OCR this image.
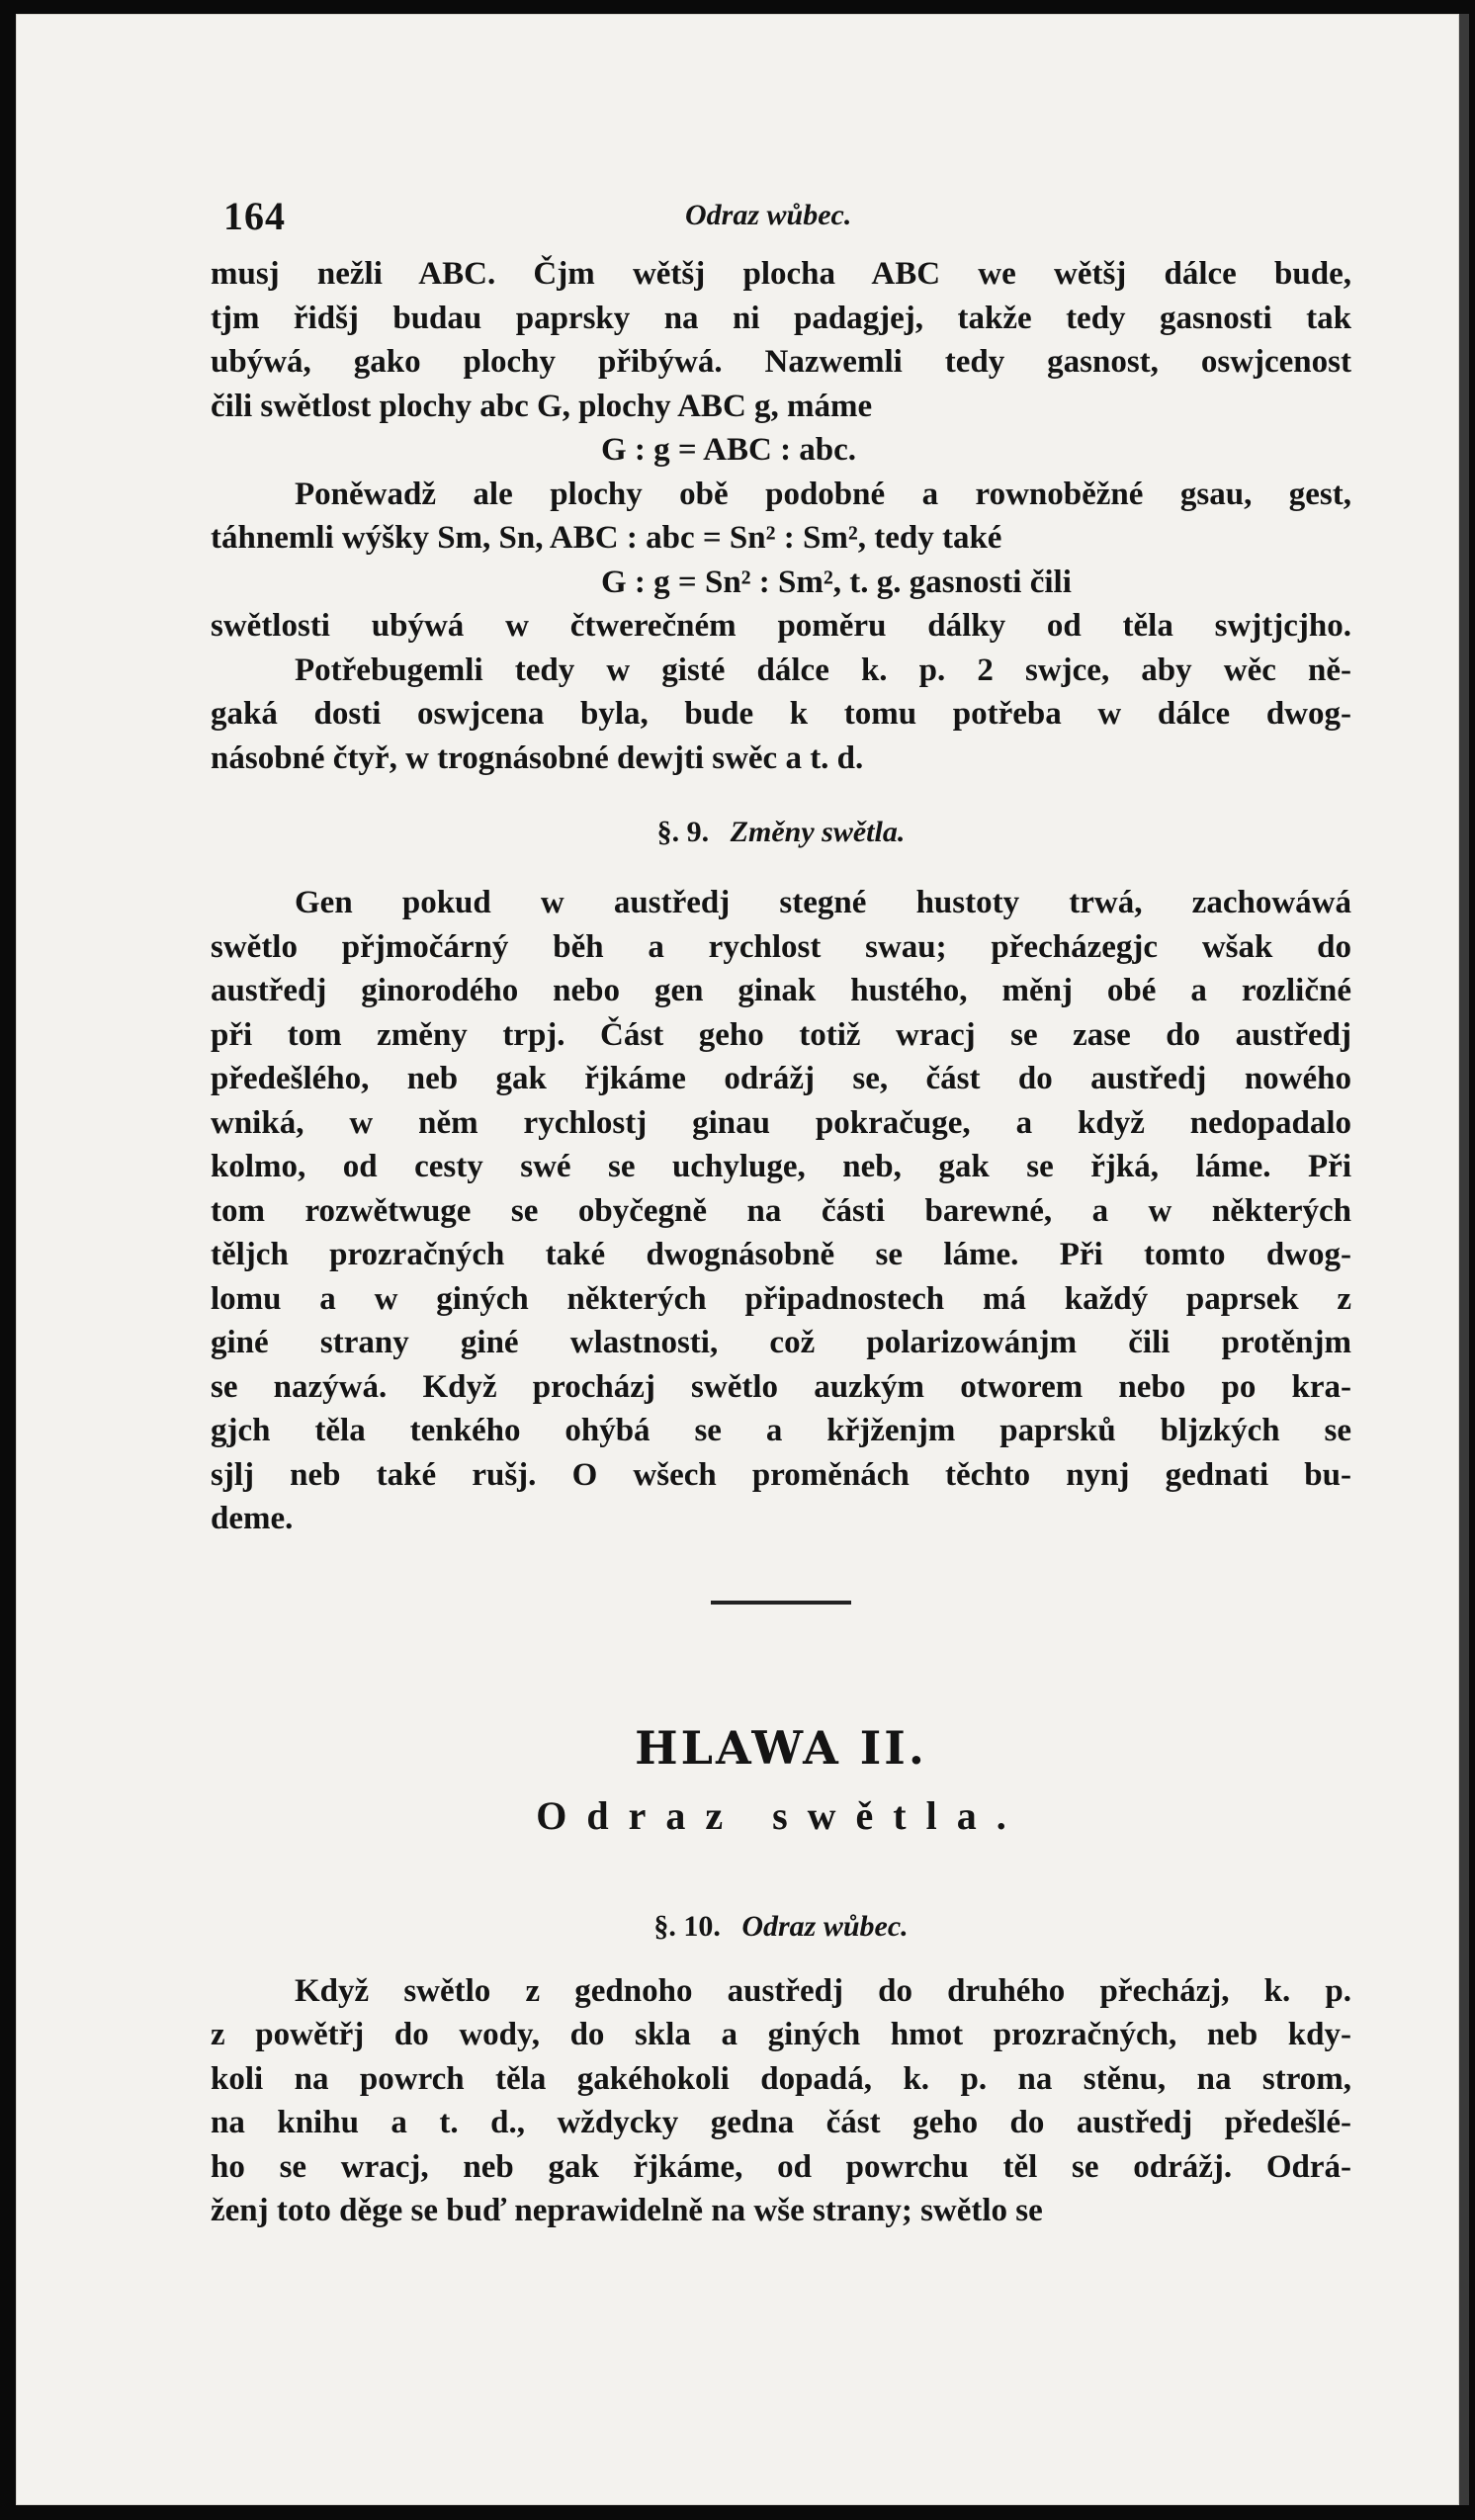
164	Odraz wůbec.
musj nežli ABC. Čjm wětšj plocha ABC we wětšj dálce bude,
tjm řidšj budau paprsky na ni padagjej, takže tedy gasnosti tak
ubýwá, gako plochy přibýwá. Nazwemli tedy gasnost, oswjcenost
čili swětlost plochy abc G, plochy ABC g, máme
G : g = ABC : abc.
Poněwadž ale plochy obě podobné a rownoběžné gsau, gest,
táhnemli wýšky Sm, Sn, ABC : abc = Sn² : Sm², tedy také
G : g = Sn² : Sm², t. g. gasnosti čili
swětlosti ubýwá w čtwerečném poměru dálky od těla swjtjcjho.
Potřebugemli tedy w gisté dálce k. p. 2 swjce, aby wěc ně-
gaká dosti oswjcena byla, bude k tomu potřeba w dálce dwog-
násobné čtyř, w trognásobné dewjti swěc a t. d.
§. 9. Změny swětla.
Gen pokud w austředj stegné hustoty trwá, zachowáwá
swětlo přjmočárný běh a rychlost swau; přecházegjc wšak do
austředj ginorodého nebo gen ginak hustého, měnj obé a rozličné
při tom změny trpj. Část geho totiž wracj se zase do austředj
předešlého, neb gak řjkáme odrážj se, část do austředj nowého
wniká, w něm rychlostj ginau pokračuge, a když nedopadalo
kolmo, od cesty swé se uchyluge, neb, gak se řjká, láme. Při
tom rozwětwuge se obyčegně na části barewné, a w některých
těljch prozračných také dwognásobně se láme. Při tomto dwog-
lomu a w giných některých připadnostech má každý paprsek z
giné strany giné wlastnosti, což polarizowánjm čili protěnjm
se nazýwá. Když procházj swětlo auzkým otworem nebo po kra-
gjch těla tenkého ohýbá se a křjženjm paprsků bljzkých se
sjlj neb také rušj. O wšech proměnách těchto nynj gednati bu-
deme.
HLAWA II.
Odraz swětla.
§. 10. Odraz wůbec.
Když swětlo z gednoho austředj do druhého přecházj, k. p.
z powětřj do wody, do skla a giných hmot prozračných, neb kdy-
koli na powrch těla gakéhokoli dopadá, k. p. na stěnu, na strom,
na knihu a t. d., wždycky gedna část geho do austředj předešlé-
ho se wracj, neb gak řjkáme, od powrchu těl se odrážj. Odrá-
ženj toto děge se buď neprawidelně na wše strany; swětlo se
